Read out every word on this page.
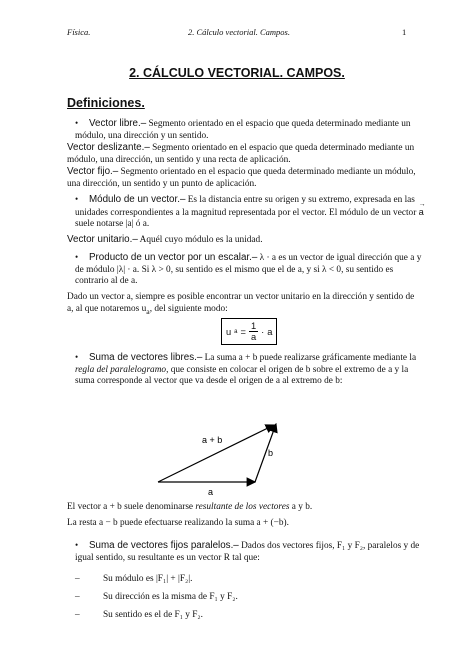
Física.	2. Cálculo vectorial. Campos.	1
2. CÁLCULO VECTORIAL. CAMPOS.
Definiciones.
• Vector libre.– Segmento orientado en el espacio que queda determinado mediante un módulo, una dirección y un sentido.
Vector deslizante.– Segmento orientado en el espacio que queda determinado mediante un módulo, una dirección, un sentido y una recta de aplicación.
Vector fijo.– Segmento orientado en el espacio que queda determinado mediante un módulo, una dirección, un sentido y un punto de aplicación.
• Módulo de un vector.– Es la distancia entre su origen y su extremo, expresada en las unidades correspondientes a la magnitud representada por el vector. El módulo de un vector → a suele notarse |a| ó a.
Vector unitario.– Aquél cuyo módulo es la unidad.
• Producto de un vector por un escalar.– λ · a es un vector de igual dirección que a y de módulo |λ| · a. Si λ > 0, su sentido es el mismo que el de a, y si λ < 0, su sentido es contrario al de a.
Dado un vector a, siempre es posible encontrar un vector unitario en la dirección y sentido de a, al que notaremos $u_a$, del siguiente modo:
u $a = \frac{1}{a} \cdot a$
• Suma de vectores libres.– La suma a + b puede realizarse gráficamente mediante la regla del paralelogramo, que consiste en colocar el origen de b sobre el extremo de a y la suma corresponde al vector que va desde el origen de a al extremo de b:
a + b
b
a
El vector a + b suele denominarse resultante de los vectores a y b.
La resta a − b puede efectuarse realizando la suma a + (−b).
• Suma de vectores fijos paralelos.– Dados dos vectores fijos, F₁ y F₂, paralelos y de igual sentido, su resultante es un vector R tal que:
–	Su módulo es |F₁| + |F₂|.
–	Su dirección es la misma de F₁ y F₂.
–	Su sentido es el de F₁ y F₂.
